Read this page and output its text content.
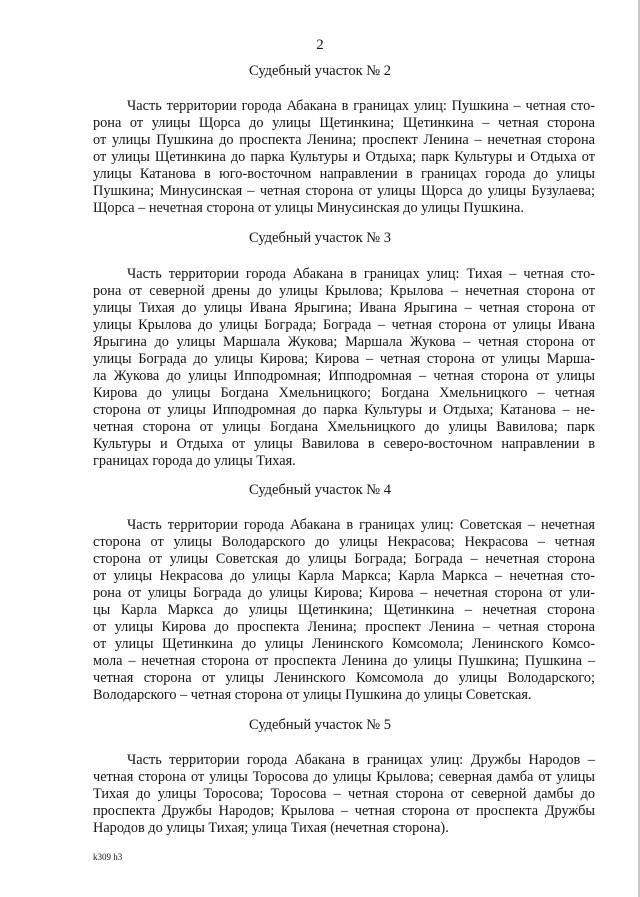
2
Судебный участок № 2
Часть территории города Абакана в границах улиц: Пушкина – четная сто-
рона от улицы Щорса до улицы Щетинкина; Щетинкина – четная сторона
от улицы Пушкина до проспекта Ленина; проспект Ленина – нечетная сторона
от улицы Щетинкина до парка Культуры и Отдыха; парк Культуры и Отдыха от
улицы Катанова в юго-восточном направлении в границах города до улицы
Пушкина; Минусинская – четная сторона от улицы Щорса до улицы Бузулаева;
Щорса – нечетная сторона от улицы Минусинская до улицы Пушкина.
Судебный участок № 3
Часть территории города Абакана в границах улиц: Тихая – четная сто-
рона от северной дрены до улицы Крылова; Крылова – нечетная сторона от
улицы Тихая до улицы Ивана Ярыгина; Ивана Ярыгина – четная сторона от
улицы Крылова до улицы Бограда; Бограда – четная сторона от улицы Ивана
Ярыгина до улицы Маршала Жукова; Маршала Жукова – четная сторона от
улицы Бограда до улицы Кирова; Кирова – четная сторона от улицы Марша-
ла Жукова до улицы Ипподромная; Ипподромная – четная сторона от улицы
Кирова до улицы Богдана Хмельницкого; Богдана Хмельницкого – четная
сторона от улицы Ипподромная до парка Культуры и Отдыха; Катанова – не-
четная сторона от улицы Богдана Хмельницкого до улицы Вавилова; парк
Культуры и Отдыха от улицы Вавилова в северо-восточном направлении в
границах города до улицы Тихая.
Судебный участок № 4
Часть территории города Абакана в границах улиц: Советская – нечетная
сторона от улицы Володарского до улицы Некрасова; Некрасова – четная
сторона от улицы Советская до улицы Бограда; Бограда – нечетная сторона
от улицы Некрасова до улицы Карла Маркса; Карла Маркса – нечетная сто-
рона от улицы Бограда до улицы Кирова; Кирова – нечетная сторона от ули-
цы Карла Маркса до улицы Щетинкина; Щетинкина – нечетная сторона
от улицы Кирова до проспекта Ленина; проспект Ленина – четная сторона
от улицы Щетинкина до улицы Ленинского Комсомола; Ленинского Комсо-
мола – нечетная сторона от проспекта Ленина до улицы Пушкина; Пушкина –
четная сторона от улицы Ленинского Комсомола до улицы Володарского;
Володарского – четная сторона от улицы Пушкина до улицы Советская.
Судебный участок № 5
Часть территории города Абакана в границах улиц: Дружбы Народов –
четная сторона от улицы Торосова до улицы Крылова; северная дамба от улицы
Тихая до улицы Торосова; Торосова – четная сторона от северной дамбы до
проспекта Дружбы Народов; Крылова – четная сторона от проспекта Дружбы
Народов до улицы Тихая; улица Тихая (нечетная сторона).
k309 h3
